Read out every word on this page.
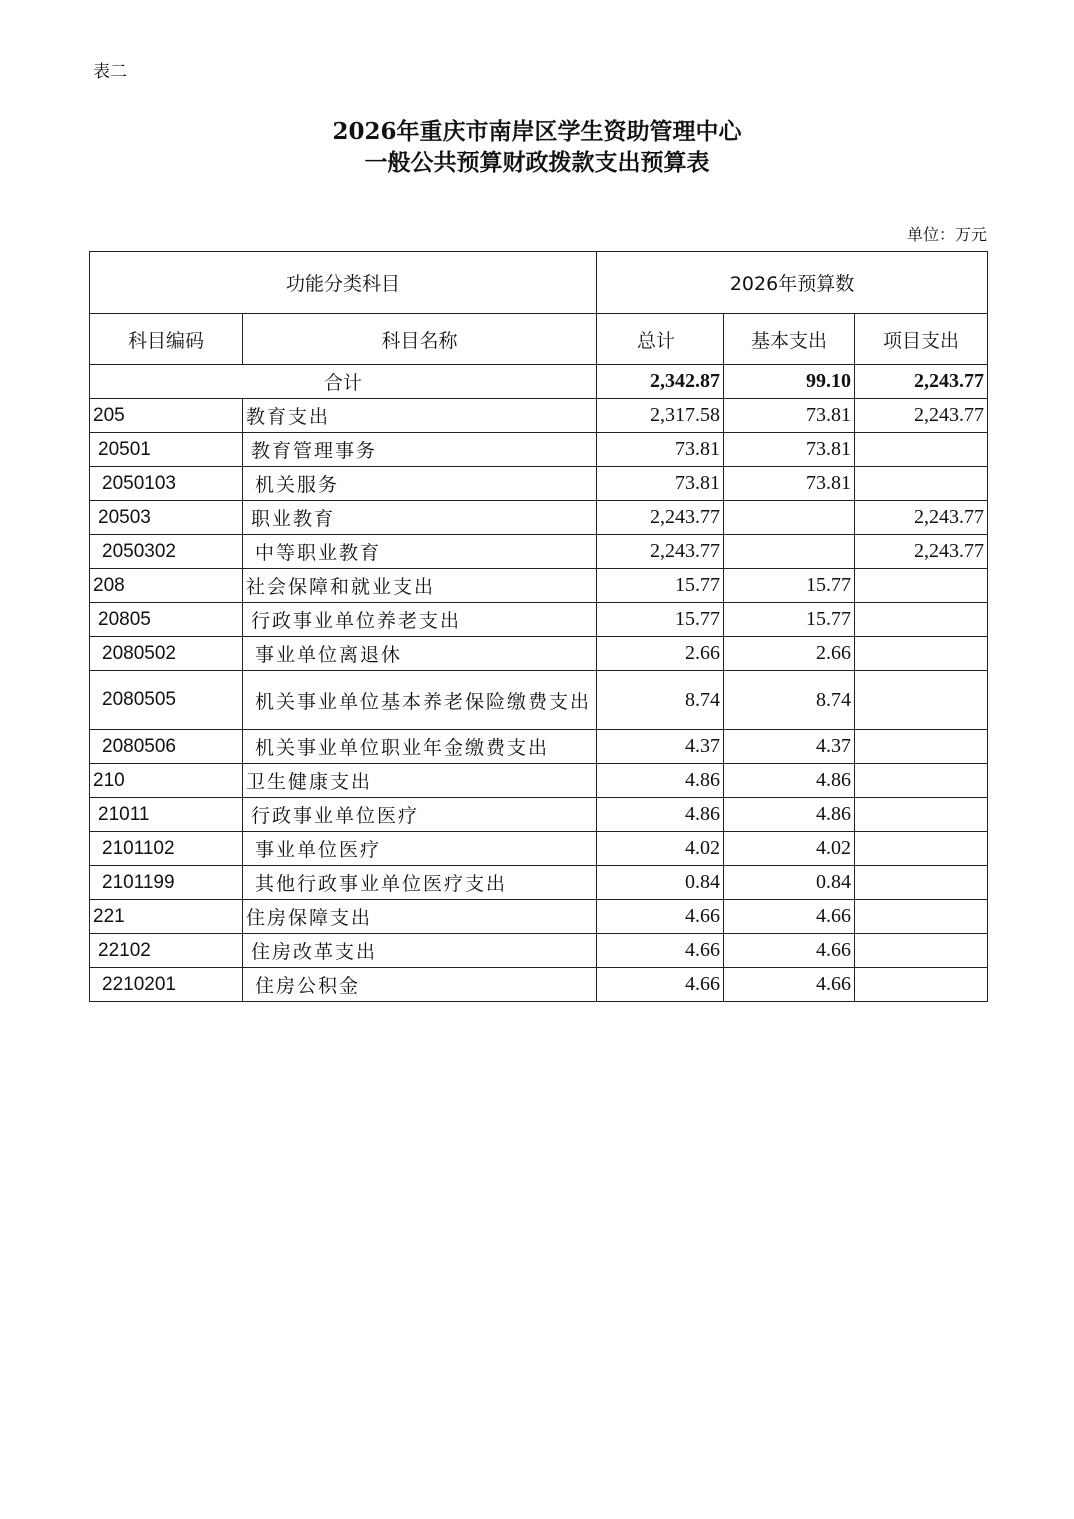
表二
2026年重庆市南岸区学生资助管理中心
一般公共预算财政拨款支出预算表
单位：万元
功能分类科目		2026年预算数		
科目编码	科目名称	总计	基本支出	项目支出
合计		2,342.87	99.10	2,243.77
205	教育支出	2,317.58	73.81	2,243.77
20501	教育管理事务	73.81	73.81	
2050103	机关服务	73.81	73.81	
20503	职业教育	2,243.77		2,243.77
2050302	中等职业教育	2,243.77		2,243.77
208	社会保障和就业支出	15.77	15.77	
20805	行政事业单位养老支出	15.77	15.77	
2080502	事业单位离退休	2.66	2.66	
2080505	机关事业单位基本养老保险缴费支出	8.74	8.74	
2080506	机关事业单位职业年金缴费支出	4.37	4.37	
210	卫生健康支出	4.86	4.86	
21011	行政事业单位医疗	4.86	4.86	
2101102	事业单位医疗	4.02	4.02	
2101199	其他行政事业单位医疗支出	0.84	0.84	
221	住房保障支出	4.66	4.66	
22102	住房改革支出	4.66	4.66	
2210201	住房公积金	4.66	4.66	
